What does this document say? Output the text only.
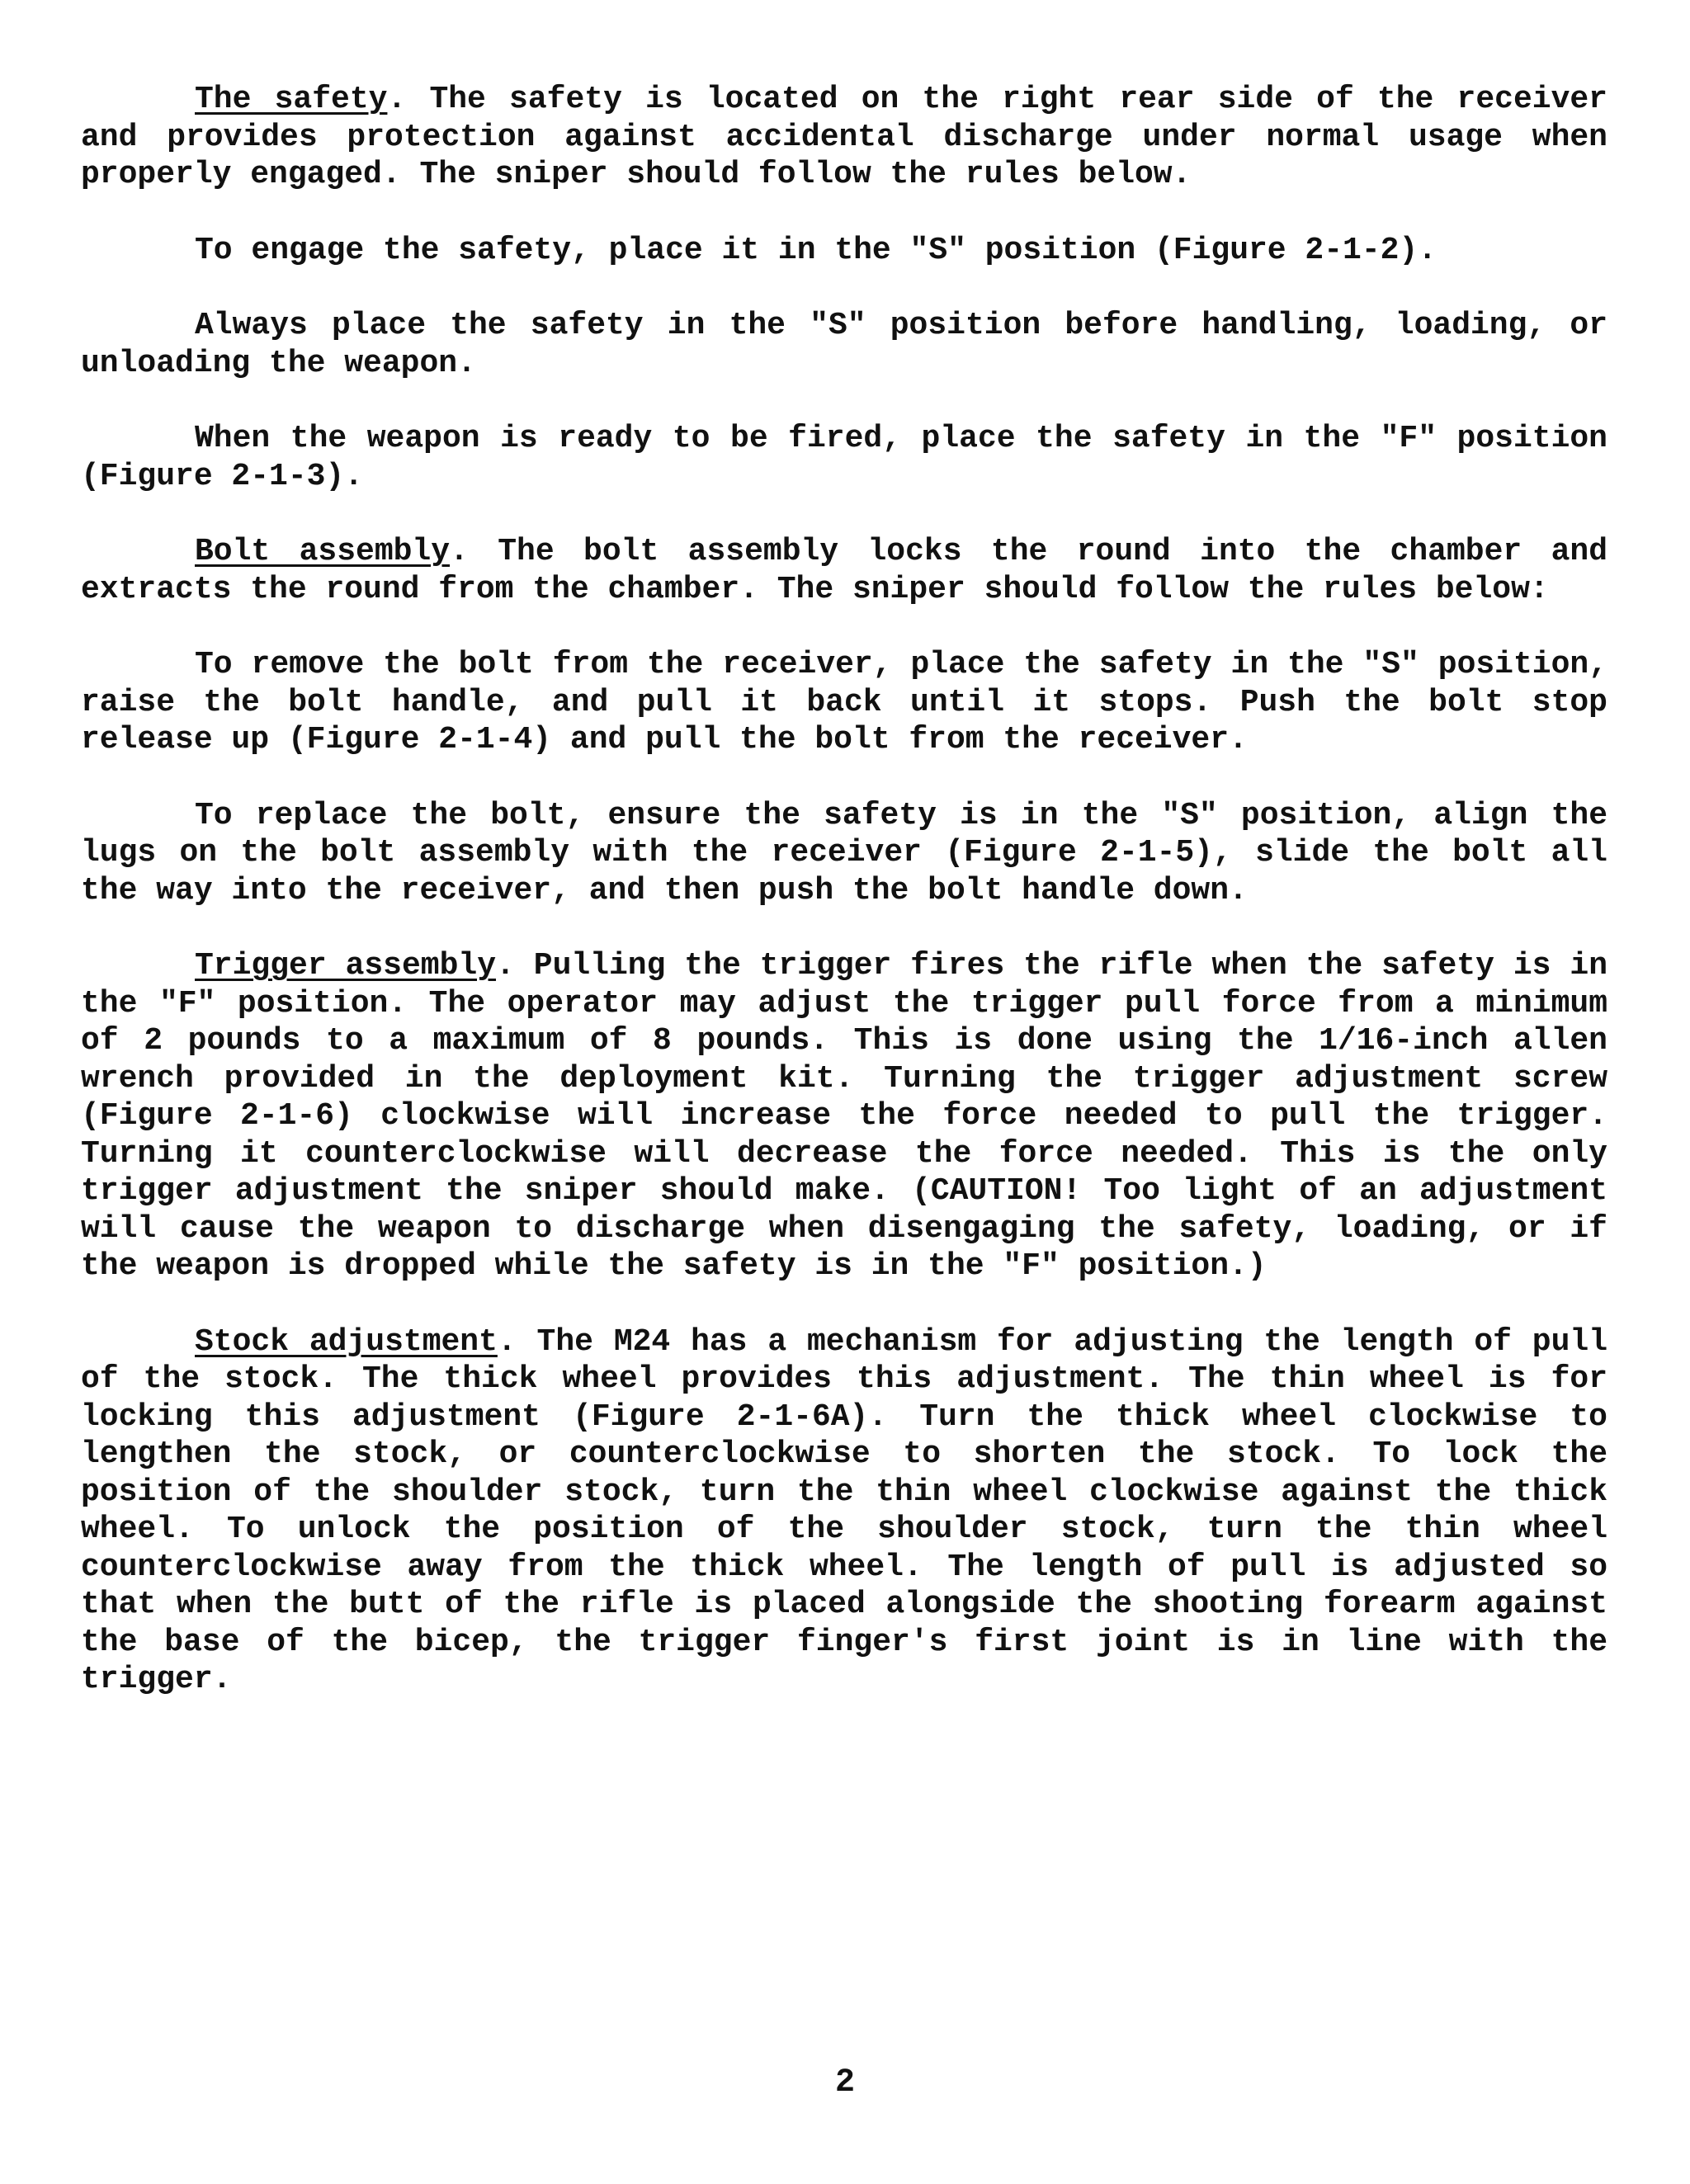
The safety. The safety is located on the right rear side of the receiver and provides protection against accidental discharge under normal usage when properly engaged. The sniper should follow the rules below.

To engage the safety, place it in the "S" position (Figure 2-1-2).

Always place the safety in the "S" position before handling, loading, or unloading the weapon.

When the weapon is ready to be fired, place the safety in the "F" position (Figure 2-1-3).

Bolt assembly. The bolt assembly locks the round into the chamber and extracts the round from the chamber. The sniper should follow the rules below:

To remove the bolt from the receiver, place the safety in the "S" position, raise the bolt handle, and pull it back until it stops. Push the bolt stop release up (Figure 2-1-4) and pull the bolt from the receiver.

To replace the bolt, ensure the safety is in the "S" position, align the lugs on the bolt assembly with the receiver (Figure 2-1-5), slide the bolt all the way into the receiver, and then push the bolt handle down.

Trigger assembly. Pulling the trigger fires the rifle when the safety is in the "F" position. The operator may adjust the trigger pull force from a minimum of 2 pounds to a maximum of 8 pounds. This is done using the 1/16-inch allen wrench provided in the deployment kit. Turning the trigger adjustment screw (Figure 2-1-6) clockwise will increase the force needed to pull the trigger. Turning it counterclockwise will decrease the force needed. This is the only trigger adjustment the sniper should make. (CAUTION! Too light of an adjustment will cause the weapon to discharge when disengaging the safety, loading, or if the weapon is dropped while the safety is in the "F" position.)

Stock adjustment. The M24 has a mechanism for adjusting the length of pull of the stock. The thick wheel provides this adjustment. The thin wheel is for locking this adjustment (Figure 2-1-6A). Turn the thick wheel clockwise to lengthen the stock, or counterclockwise to shorten the stock. To lock the position of the shoulder stock, turn the thin wheel clockwise against the thick wheel. To unlock the position of the shoulder stock, turn the thin wheel counterclockwise away from the thick wheel. The length of pull is adjusted so that when the butt of the rifle is placed alongside the shooting forearm against the base of the bicep, the trigger finger's first joint is in line with the trigger.

2
